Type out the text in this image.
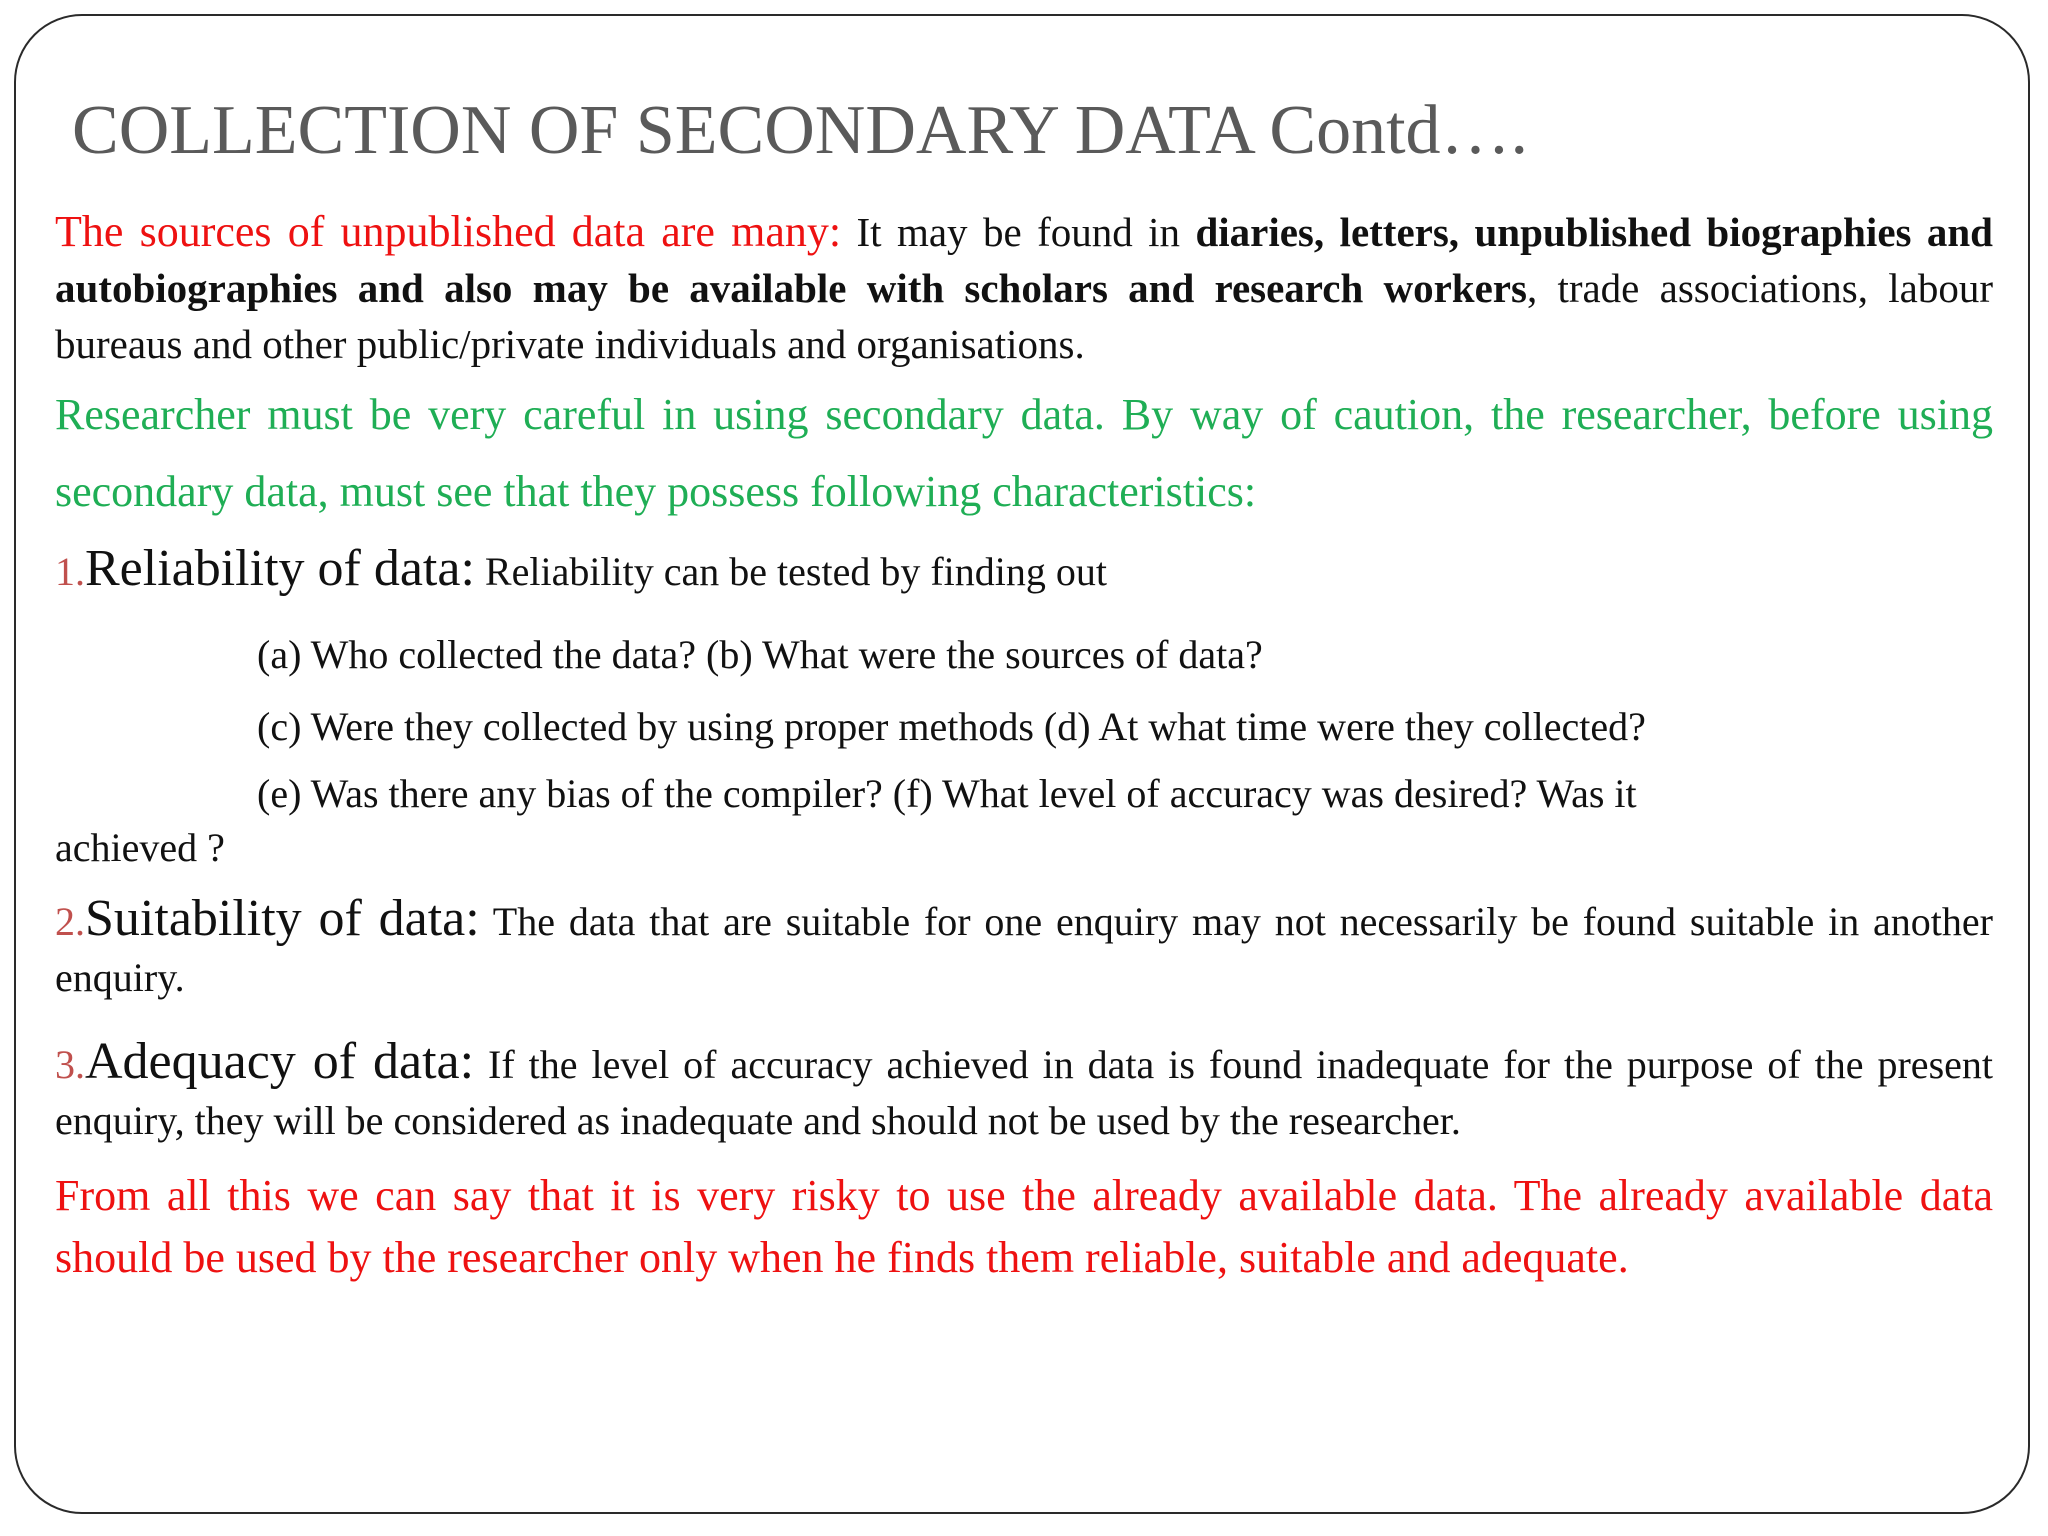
COLLECTION OF SECONDARY DATA Contd….

The sources of unpublished data are many: It may be found in diaries, letters, unpublished biographies and autobiographies and also may be available with scholars and research workers, trade associations, labour bureaus and other public/private individuals and organisations.

Researcher must be very careful in using secondary data. By way of caution, the researcher, before using secondary data, must see that they possess following characteristics:

1.Reliability of data: Reliability can be tested by finding out

(a) Who collected the data? (b) What were the sources of data?

(c) Were they collected by using proper methods (d) At what time were they collected?

(e) Was there any bias of the compiler? (f) What level of accuracy was desired? Was it
achieved ?

2.Suitability of data: The data that are suitable for one enquiry may not necessarily be found suitable in another enquiry.

3.Adequacy of data: If the level of accuracy achieved in data is found inadequate for the purpose of the present enquiry, they will be considered as inadequate and should not be used by the researcher.

From all this we can say that it is very risky to use the already available data. The already available data should be used by the researcher only when he finds them reliable, suitable and adequate.
